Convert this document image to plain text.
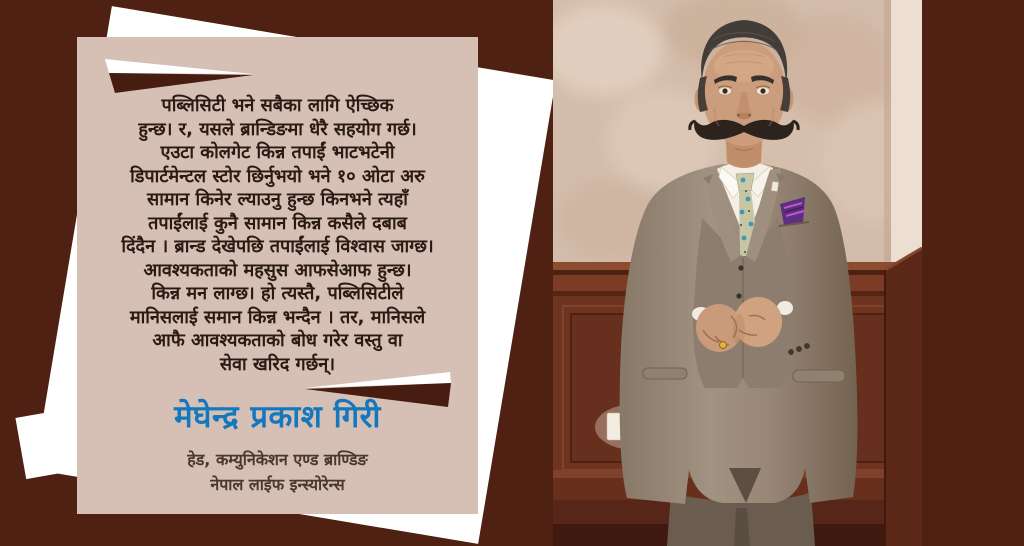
पब्लिसिटी भने सबैका लागि ऐच्छिक
हुन्छ। र, यसले ब्रान्डिङमा धेरै सहयोग गर्छ।
एउटा कोलगेट किन्न तपाईं भाटभटेनी
डिपार्टमेन्टल स्टोर छिर्नुभयो भने १० ओटा अरु
सामान किनेर ल्याउनु हुन्छ किनभने त्यहाँ
तपाईंलाई कुनै सामान किन्न कसैले दबाब
दिंदैन । ब्रान्ड देखेपछि तपाईंलाई विश्वास जाग्छ।
आवश्यकताको महसुस आफसेआफ हुन्छ।
किन्न मन लाग्छ। हो त्यस्तै, पब्लिसिटीले
मानिसलाई समान किन्न भन्दैन । तर, मानिसले
आफै आवश्यकताको बोध गरेर वस्तु वा
सेवा खरिद गर्छन्।
मेघेन्द्र प्रकाश गिरी
हेड, कम्युनिकेशन एण्ड ब्राण्डिङ
नेपाल लाईफ इन्स्योरेन्स
